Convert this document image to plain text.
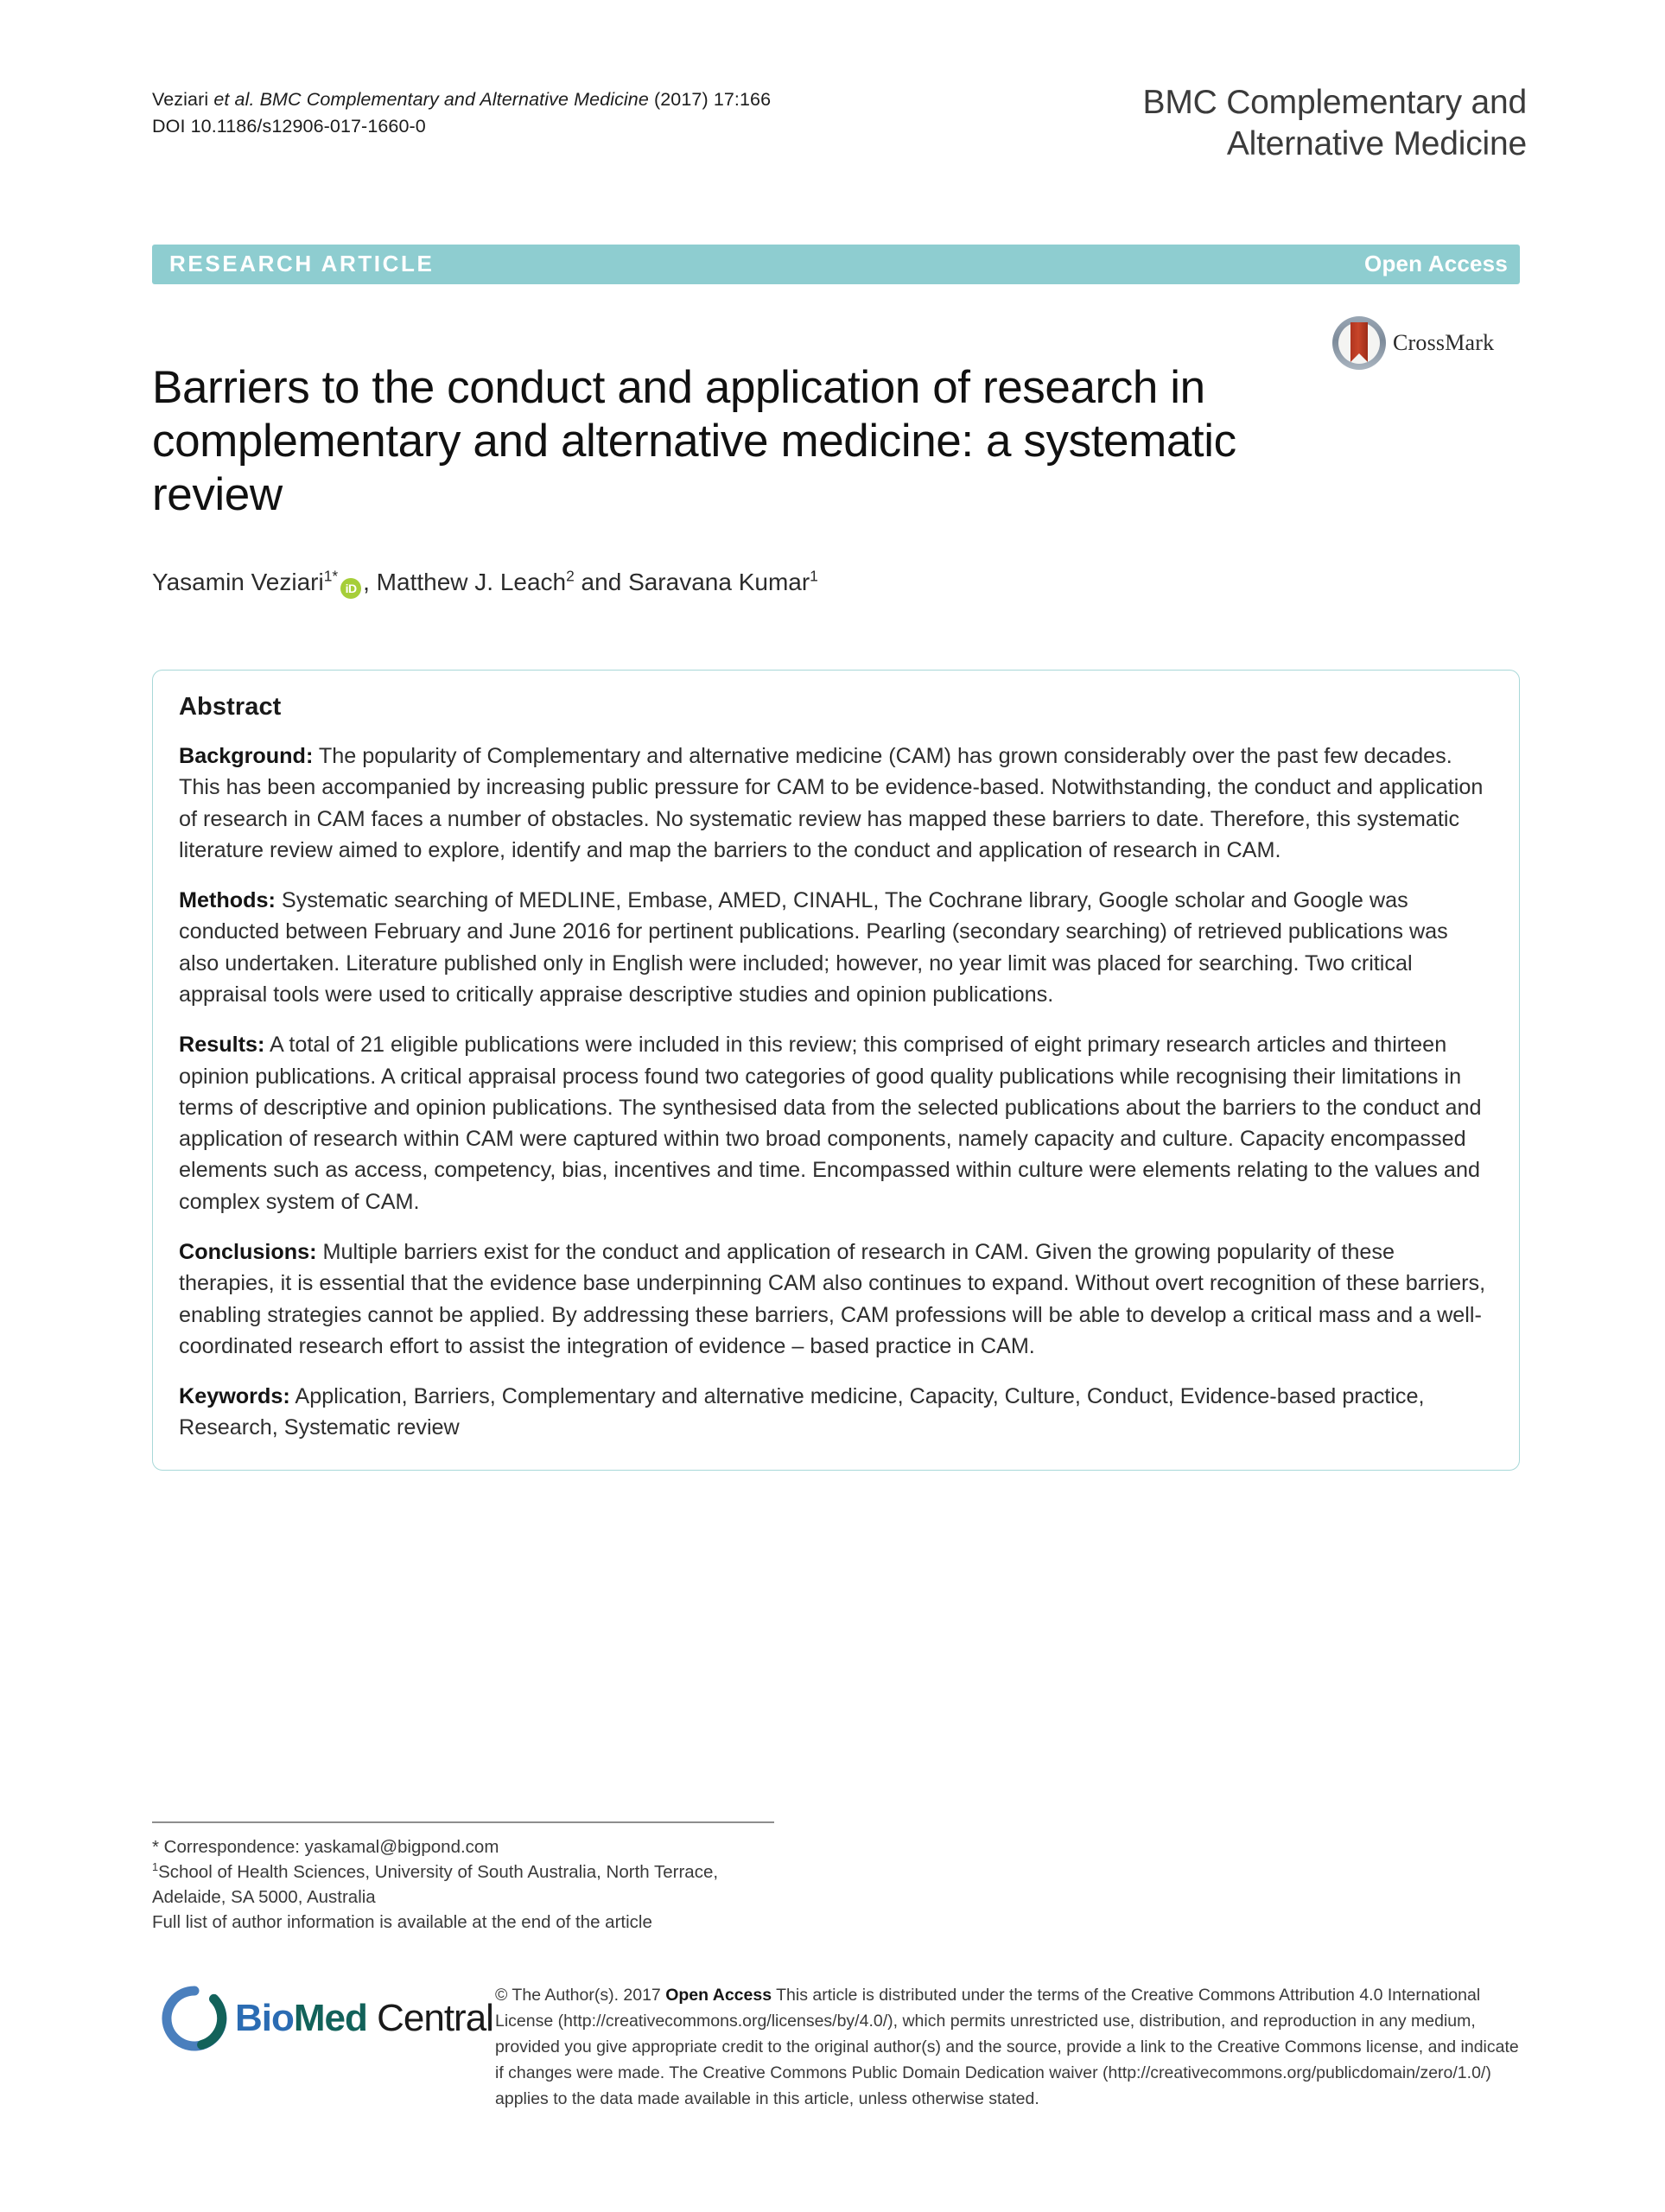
Veziari et al. BMC Complementary and Alternative Medicine (2017) 17:166
DOI 10.1186/s12906-017-1660-0
BMC Complementary and
Alternative Medicine
RESEARCH ARTICLE	Open Access
CrossMark
Barriers to the conduct and application of research in complementary and alternative medicine: a systematic review
Yasamin Veziari$^{1*}$iD , Matthew J. Leach$^2$ and Saravana Kumar$^1$
Abstract

Background: The popularity of Complementary and alternative medicine (CAM) has grown considerably over the past few decades. This has been accompanied by increasing public pressure for CAM to be evidence-based. Notwithstanding, the conduct and application of research in CAM faces a number of obstacles. No systematic review has mapped these barriers to date. Therefore, this systematic literature review aimed to explore, identify and map the barriers to the conduct and application of research in CAM.

Methods: Systematic searching of MEDLINE, Embase, AMED, CINAHL, The Cochrane library, Google scholar and Google was conducted between February and June 2016 for pertinent publications. Pearling (secondary searching) of retrieved publications was also undertaken. Literature published only in English were included; however, no year limit was placed for searching. Two critical appraisal tools were used to critically appraise descriptive studies and opinion publications.

Results: A total of 21 eligible publications were included in this review; this comprised of eight primary research articles and thirteen opinion publications. A critical appraisal process found two categories of good quality publications while recognising their limitations in terms of descriptive and opinion publications. The synthesised data from the selected publications about the barriers to the conduct and application of research within CAM were captured within two broad components, namely capacity and culture. Capacity encompassed elements such as access, competency, bias, incentives and time. Encompassed within culture were elements relating to the values and complex system of CAM.

Conclusions: Multiple barriers exist for the conduct and application of research in CAM. Given the growing popularity of these therapies, it is essential that the evidence base underpinning CAM also continues to expand. Without overt recognition of these barriers, enabling strategies cannot be applied. By addressing these barriers, CAM professions will be able to develop a critical mass and a well-coordinated research effort to assist the integration of evidence – based practice in CAM.

Keywords: Application, Barriers, Complementary and alternative medicine, Capacity, Culture, Conduct, Evidence-based practice, Research, Systematic review

* Correspondence: yaskamal@bigpond.com
$^1$School of Health Sciences, University of South Australia, North Terrace,
Adelaide, SA 5000, Australia
Full list of author information is available at the end of the article
BioMed Central
© The Author(s). 2017 Open Access This article is distributed under the terms of the Creative Commons Attribution 4.0 International License (http://creativecommons.org/licenses/by/4.0/), which permits unrestricted use, distribution, and reproduction in any medium, provided you give appropriate credit to the original author(s) and the source, provide a link to the Creative Commons license, and indicate if changes were made. The Creative Commons Public Domain Dedication waiver (http://creativecommons.org/publicdomain/zero/1.0/) applies to the data made available in this article, unless otherwise stated.
